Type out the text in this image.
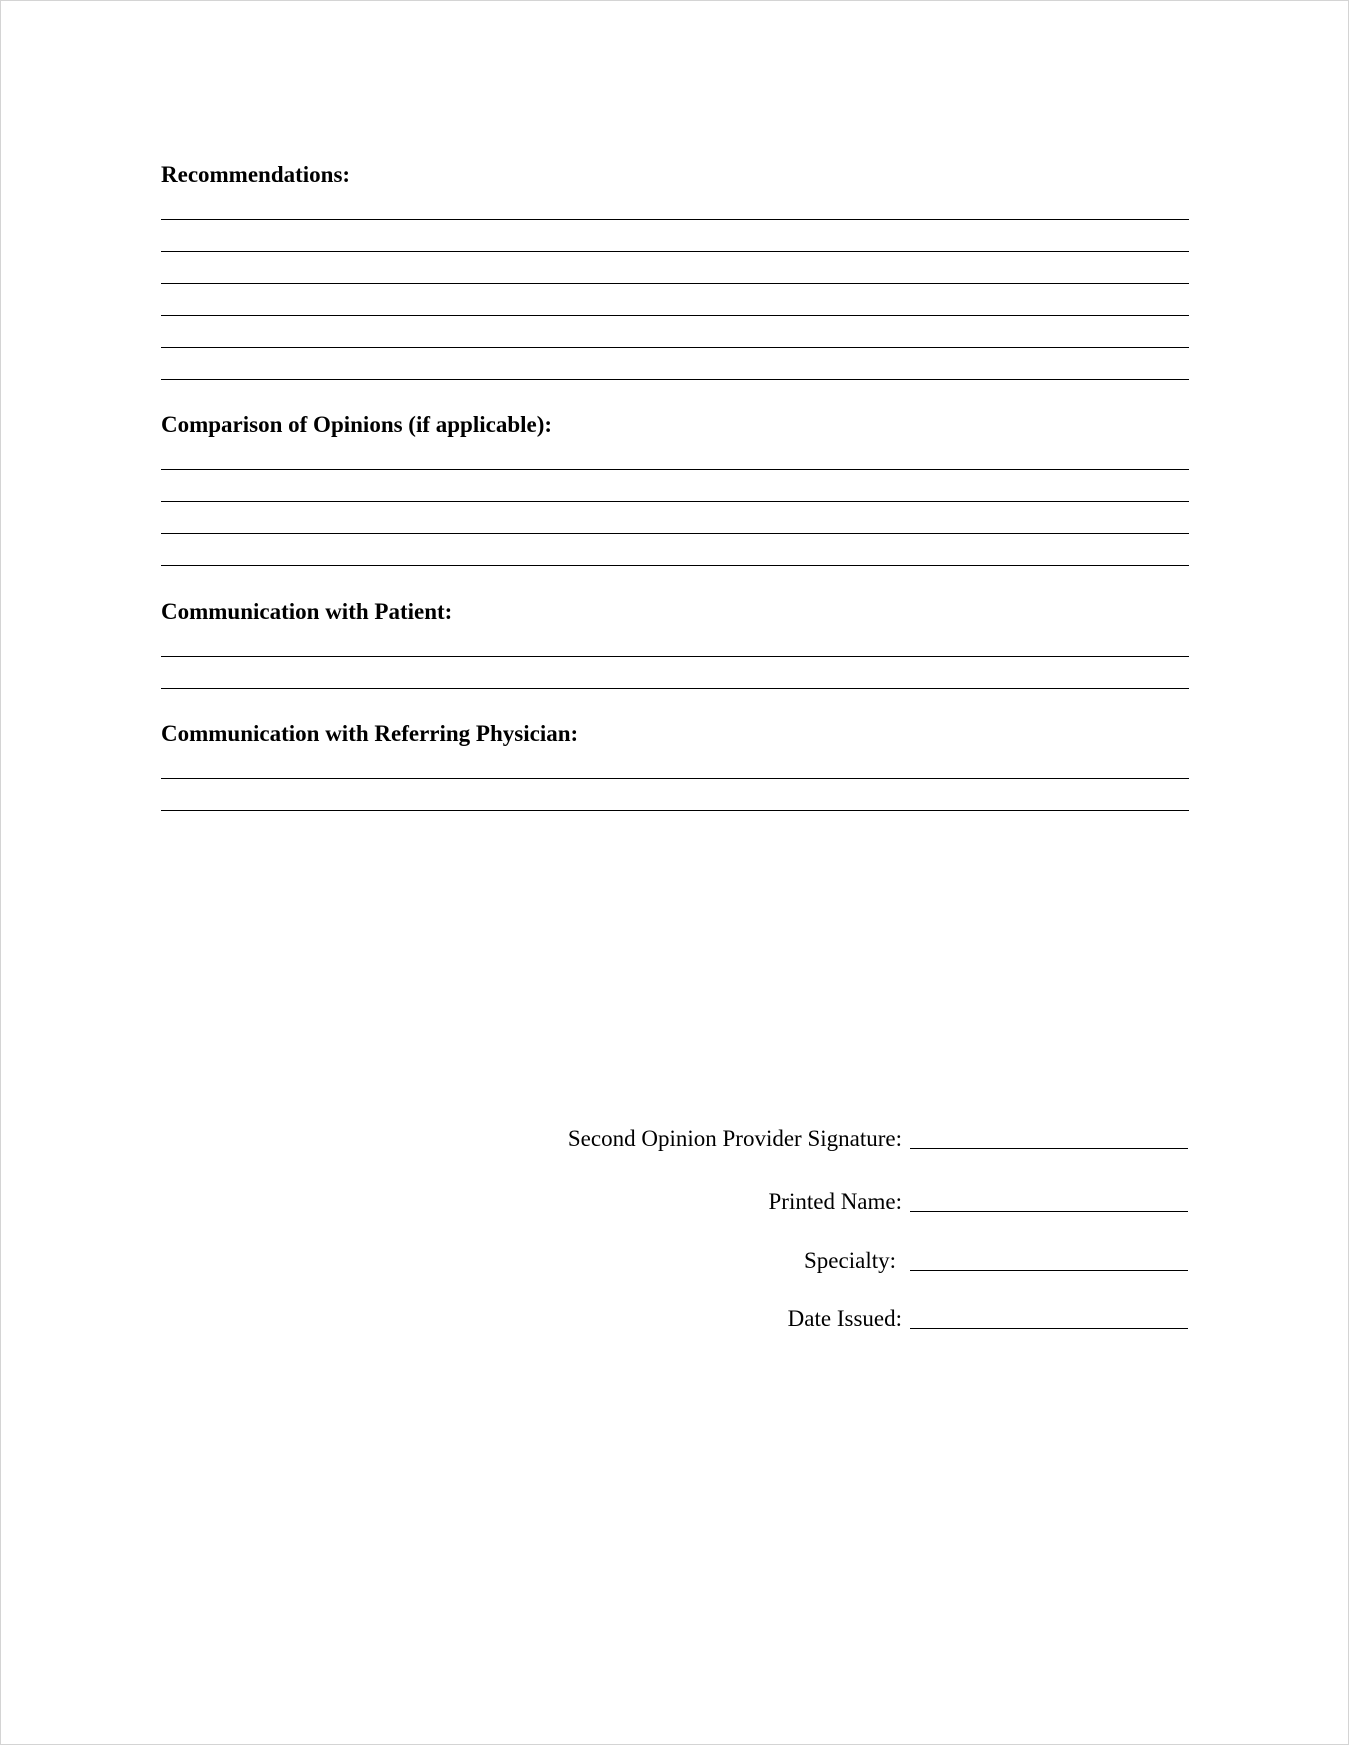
Recommendations:

Comparison of Opinions (if applicable):

Communication with Patient:

Communication with Referring Physician:

Second Opinion Provider Signature:
Printed Name:
Specialty:
Date Issued:
